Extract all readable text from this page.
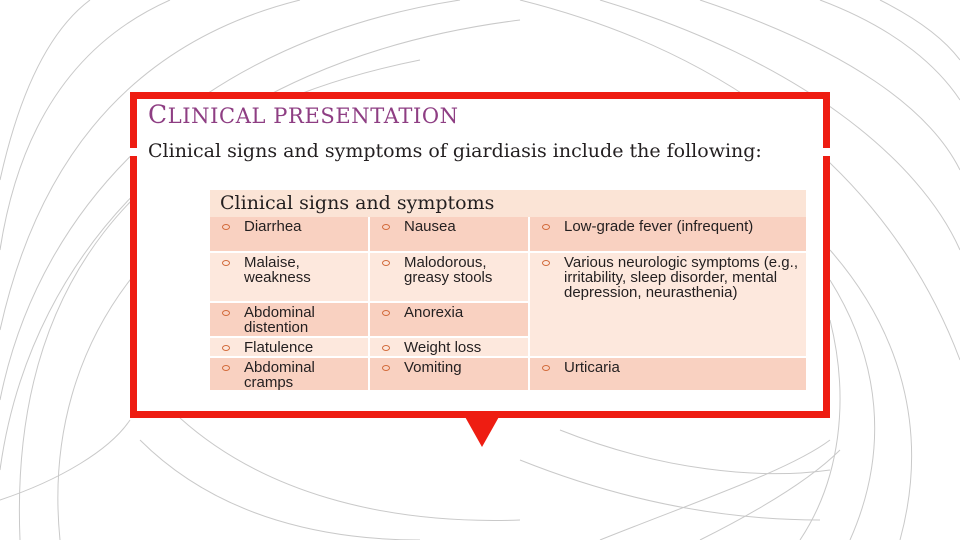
CLINICAL PRESENTATION
Clinical signs and symptoms of giardiasis include the following:
Clinical signs and symptoms
Diarrhea
Malaise, weakness
Abdominal distention
Flatulence
Abdominal cramps
Nausea
Malodorous, greasy stools
Anorexia
Weight loss
Vomiting
Low-grade fever (infrequent)
Various neurologic symptoms (e.g., irritability, sleep disorder, mental depression, neurasthenia)
Urticaria
